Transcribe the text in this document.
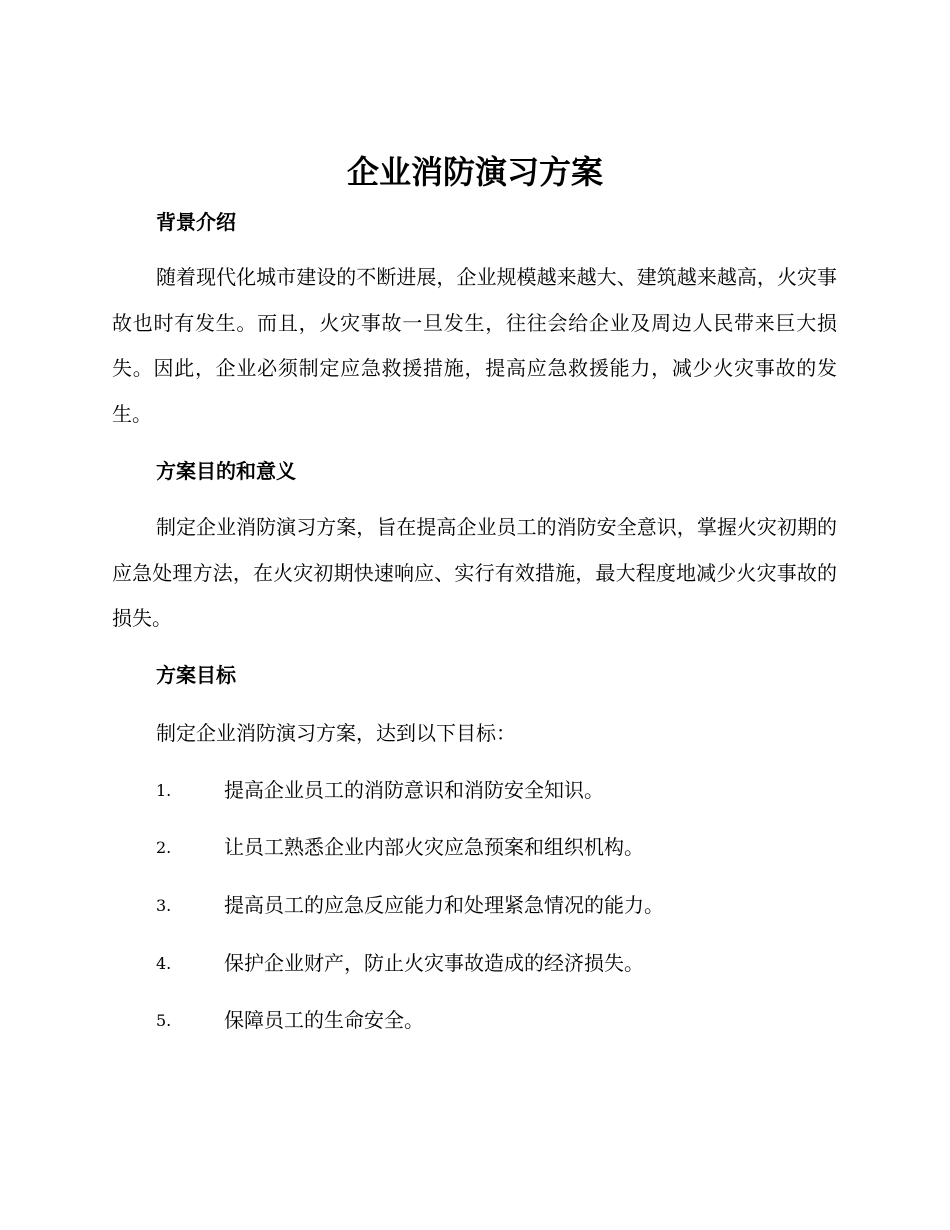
企业消防演习方案
背景介绍

随着现代化城市建设的不断进展，企业规模越来越大、建筑越来越高，火灾事故也时有发生。而且，火灾事故一旦发生，往往会给企业及周边人民带来巨大损失。因此，企业必须制定应急救援措施，提高应急救援能力，减少火灾事故的发生。

方案目的和意义

制定企业消防演习方案，旨在提高企业员工的消防安全意识，掌握火灾初期的应急处理方法，在火灾初期快速响应、实行有效措施，最大程度地减少火灾事故的损失。

方案目标

制定企业消防演习方案，达到以下目标：

1.	提高企业员工的消防意识和消防安全知识。
2.	让员工熟悉企业内部火灾应急预案和组织机构。
3.	提高员工的应急反应能力和处理紧急情况的能力。
4.	保护企业财产，防止火灾事故造成的经济损失。
5.	保障员工的生命安全。
